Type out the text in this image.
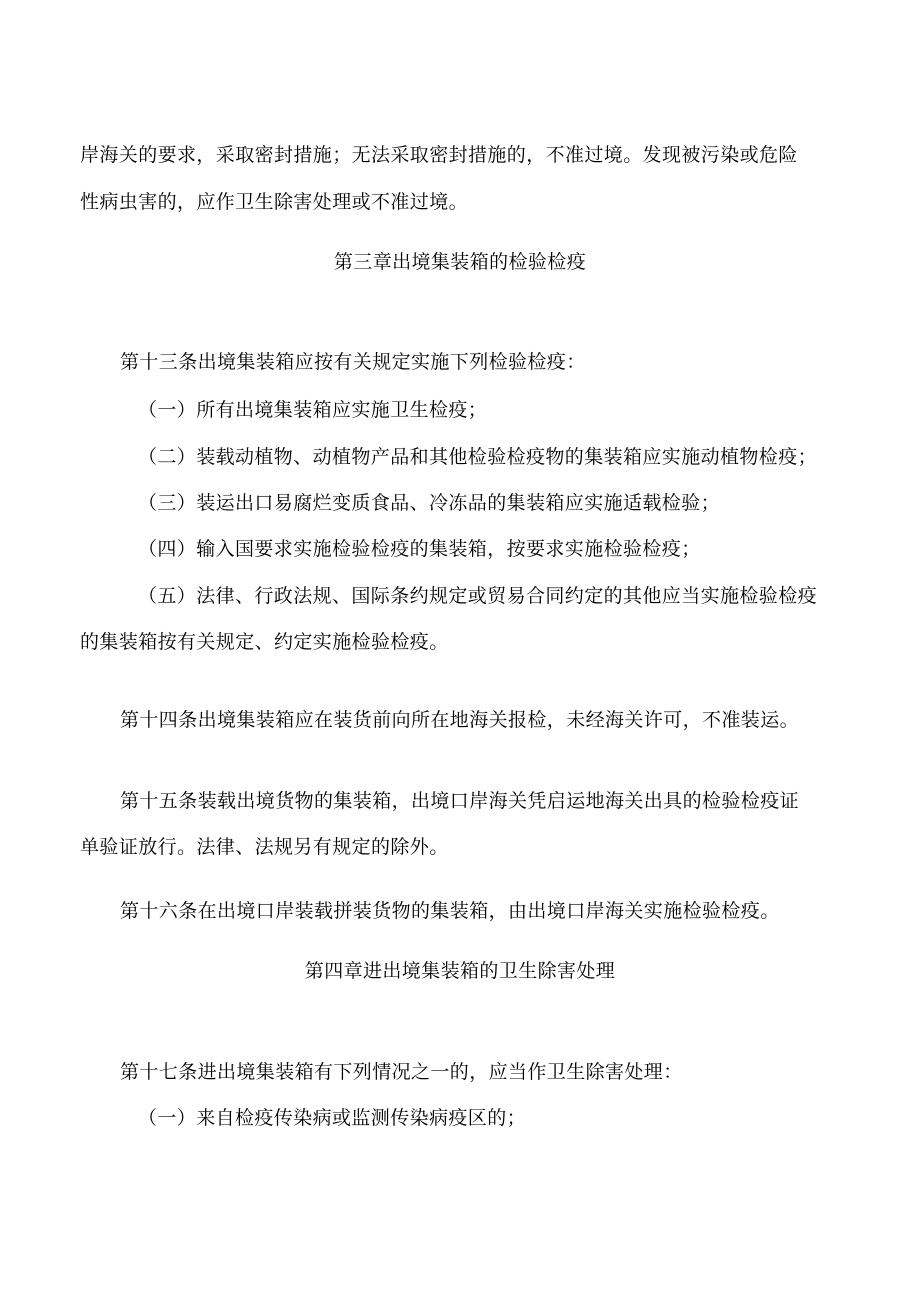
岸海关的要求，采取密封措施；无法采取密封措施的，不准过境。发现被污染或危险
性病虫害的，应作卫生除害处理或不准过境。
第三章出境集装箱的检验检疫
第十三条出境集装箱应按有关规定实施下列检验检疫：
（一）所有出境集装箱应实施卫生检疫；
（二）装载动植物、动植物产品和其他检验检疫物的集装箱应实施动植物检疫；
（三）装运出口易腐烂变质食品、冷冻品的集装箱应实施适载检验；
（四）输入国要求实施检验检疫的集装箱，按要求实施检验检疫；
（五）法律、行政法规、国际条约规定或贸易合同约定的其他应当实施检验检疫
的集装箱按有关规定、约定实施检验检疫。
第十四条出境集装箱应在装货前向所在地海关报检，未经海关许可，不准装运。
第十五条装载出境货物的集装箱，出境口岸海关凭启运地海关出具的检验检疫证
单验证放行。法律、法规另有规定的除外。
第十六条在出境口岸装载拼装货物的集装箱，由出境口岸海关实施检验检疫。
第四章进出境集装箱的卫生除害处理
第十七条进出境集装箱有下列情况之一的，应当作卫生除害处理：
（一）来自检疫传染病或监测传染病疫区的；
